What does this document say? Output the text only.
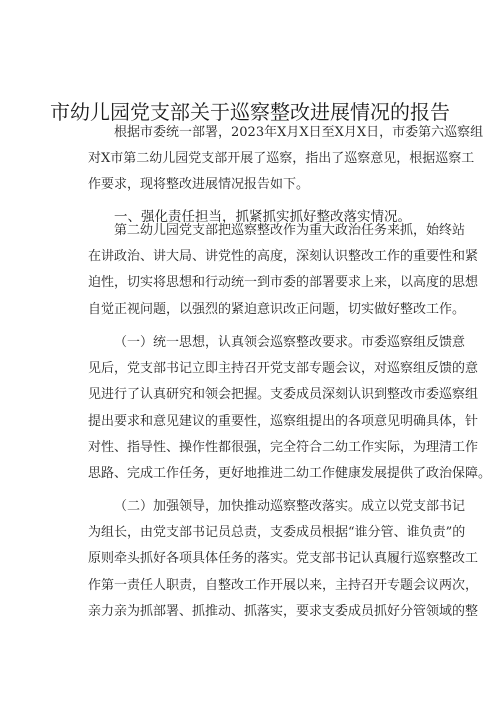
市幼儿园党支部关于巡察整改进展情况的报告
根据市委统一部署，2023年X月X日至X月X日，市委第六巡察组
对X市第二幼儿园党支部开展了巡察，指出了巡察意见，根据巡察工
作要求，现将整改进展情况报告如下。
一、强化责任担当，抓紧抓实抓好整改落实情况。
第二幼儿园党支部把巡察整改作为重大政治任务来抓，始终站
在讲政治、讲大局、讲党性的高度，深刻认识整改工作的重要性和紧
迫性，切实将思想和行动统一到市委的部署要求上来，以高度的思想
自觉正视问题，以强烈的紧迫意识改正问题，切实做好整改工作。
（一）统一思想，认真领会巡察整改要求。市委巡察组反馈意
见后，党支部书记立即主持召开党支部专题会议，对巡察组反馈的意
见进行了认真研究和领会把握。支委成员深刻认识到整改市委巡察组
提出要求和意见建议的重要性，巡察组提出的各项意见明确具体，针
对性、指导性、操作性都很强，完全符合二幼工作实际，为理清工作
思路、完成工作任务，更好地推进二幼工作健康发展提供了政治保障。
（二）加强领导，加快推动巡察整改落实。成立以党支部书记
为组长，由党支部书记员总责，支委成员根据“谁分管、谁负责”的
原则牵头抓好各项具体任务的落实。党支部书记认真履行巡察整改工
作第一责任人职责，自整改工作开展以来，主持召开专题会议两次，
亲力亲为抓部署、抓推动、抓落实，要求支委成员抓好分管领域的整
